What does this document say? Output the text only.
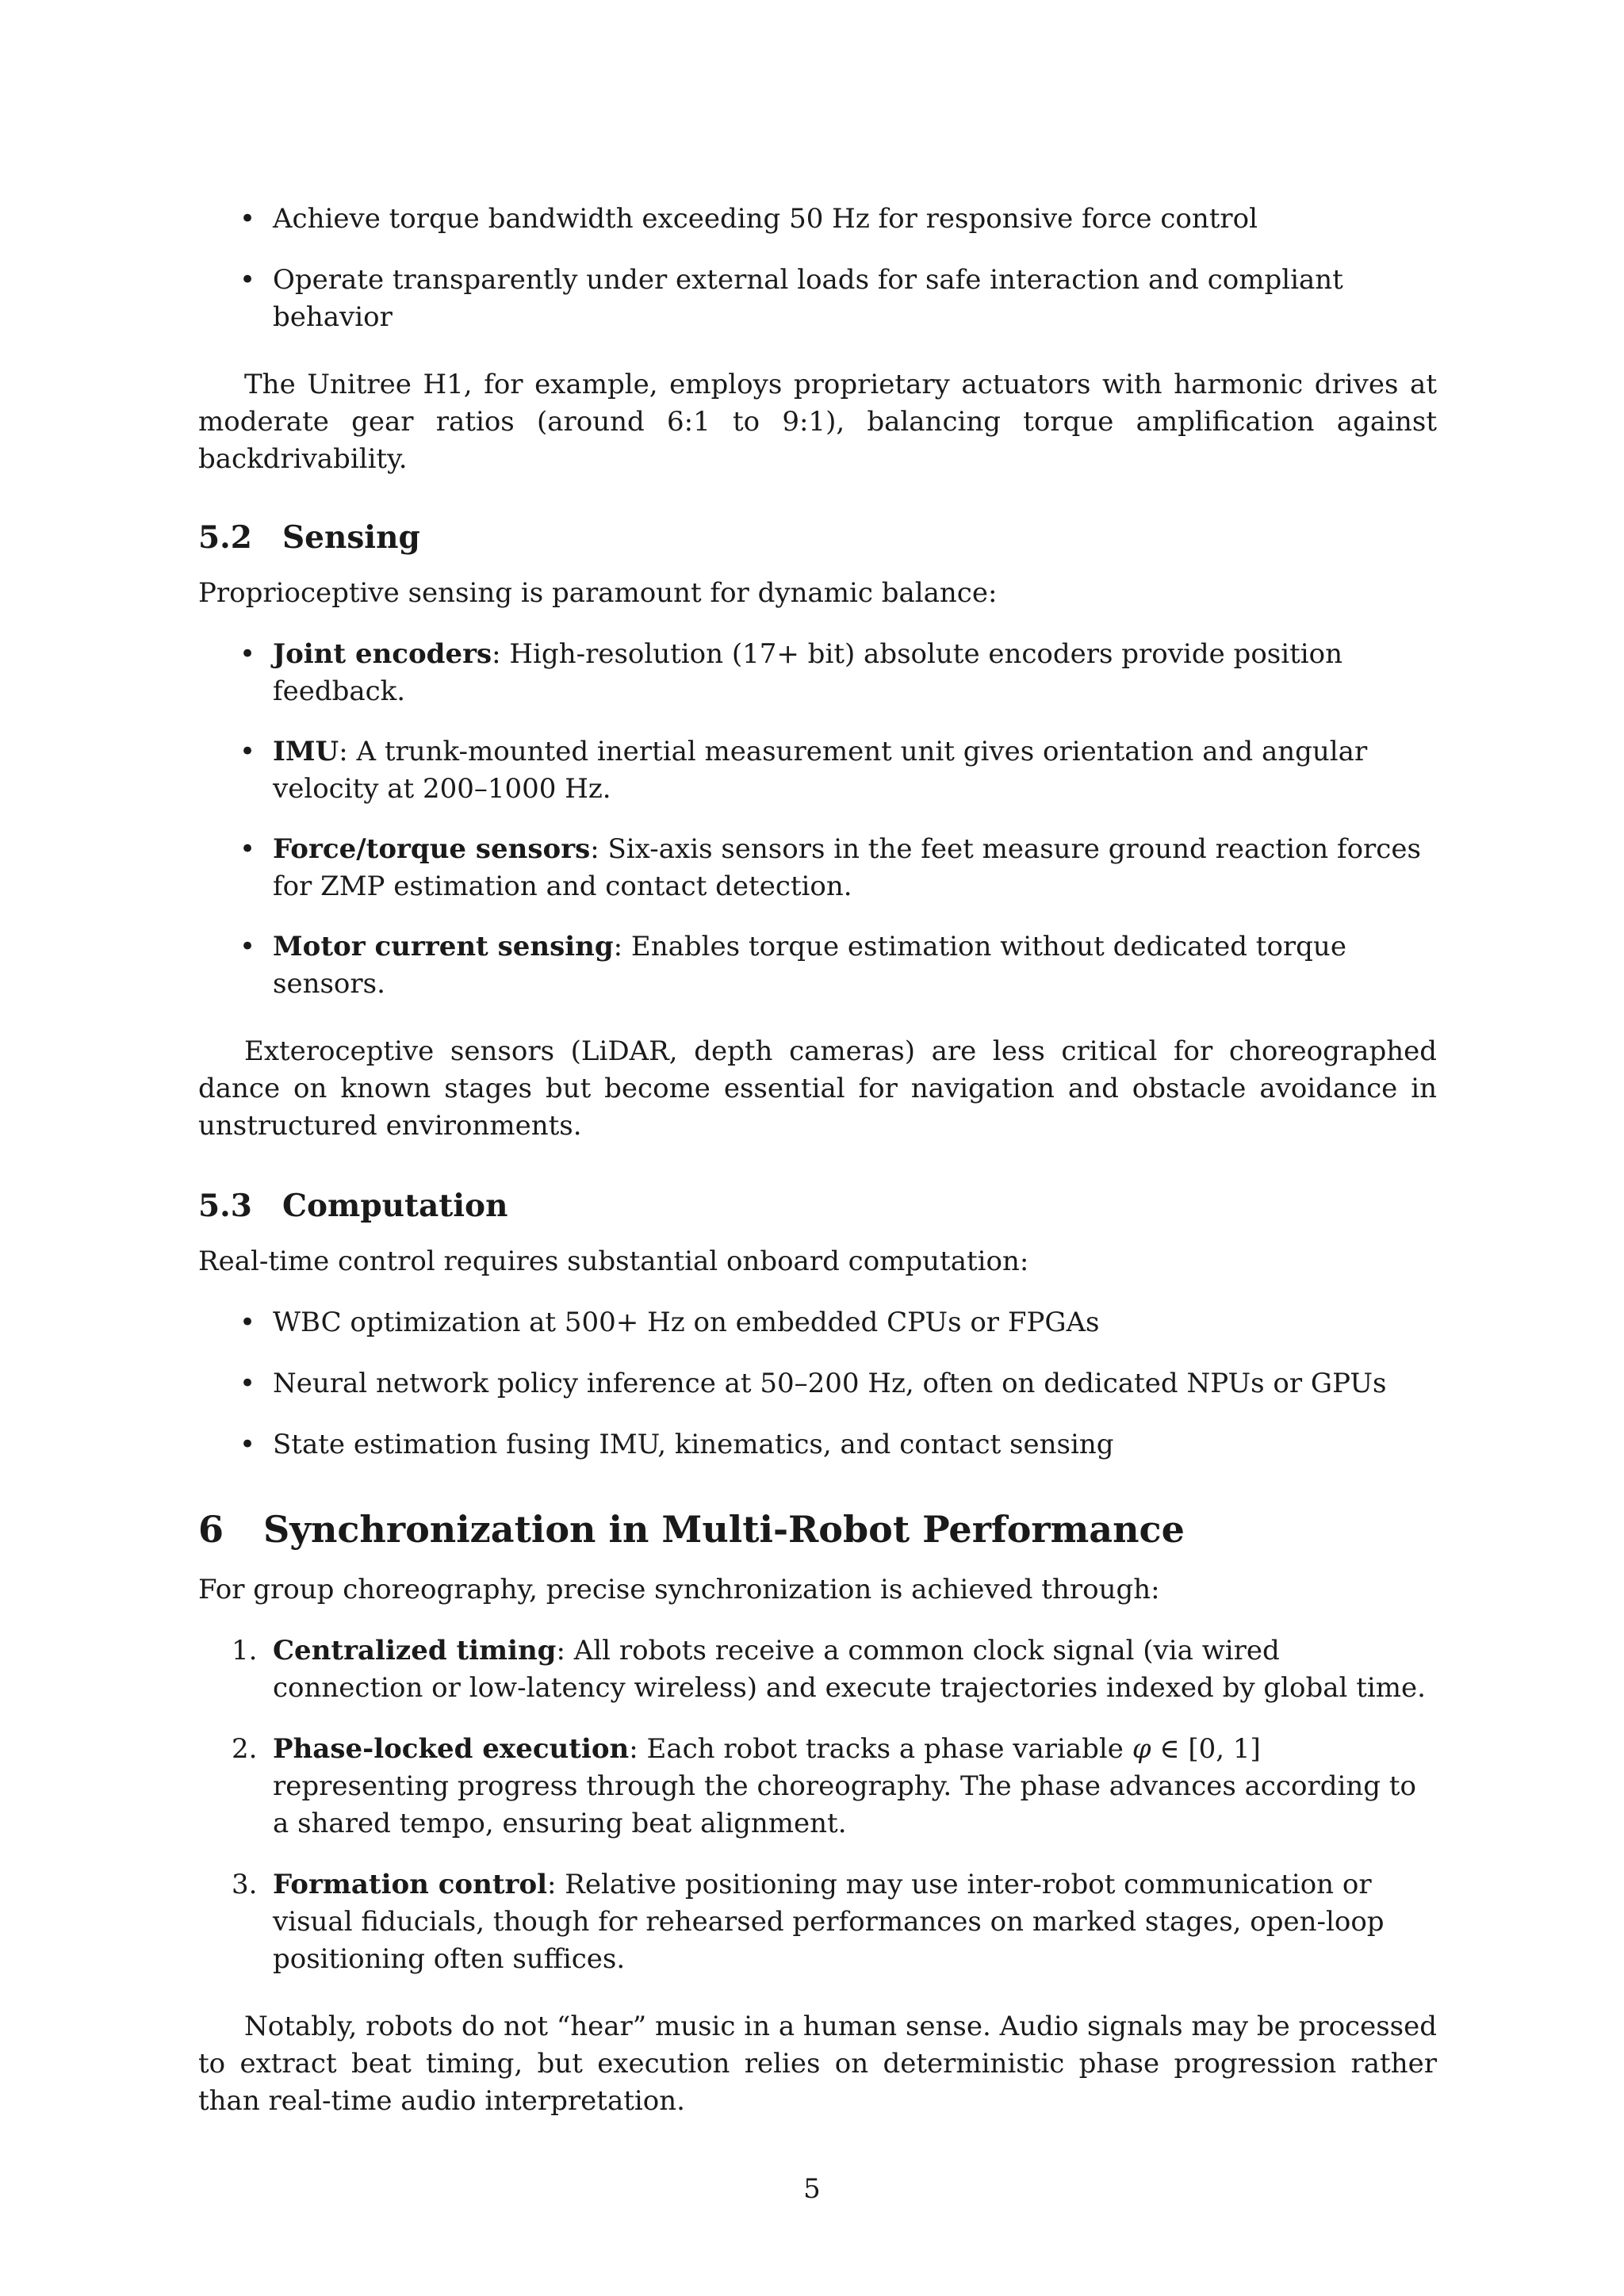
• Achieve torque bandwidth exceeding 50 Hz for responsive force control
• Operate transparently under external loads for safe interaction and compliant behavior

The Unitree H1, for example, employs proprietary actuators with harmonic drives at moderate gear ratios (around 6:1 to 9:1), balancing torque amplification against backdrivability.

5.2 Sensing

Proprioceptive sensing is paramount for dynamic balance:

• Joint encoders: High-resolution (17+ bit) absolute encoders provide position feedback.
• IMU: A trunk-mounted inertial measurement unit gives orientation and angular velocity at 200–1000 Hz.
• Force/torque sensors: Six-axis sensors in the feet measure ground reaction forces for ZMP estimation and contact detection.
• Motor current sensing: Enables torque estimation without dedicated torque sensors.

Exteroceptive sensors (LiDAR, depth cameras) are less critical for choreographed dance on known stages but become essential for navigation and obstacle avoidance in unstructured environments.

5.3 Computation

Real-time control requires substantial onboard computation:

• WBC optimization at 500+ Hz on embedded CPUs or FPGAs
• Neural network policy inference at 50–200 Hz, often on dedicated NPUs or GPUs
• State estimation fusing IMU, kinematics, and contact sensing
6 Synchronization in Multi-Robot Performance

For group choreography, precise synchronization is achieved through:

1. Centralized timing: All robots receive a common clock signal (via wired connection or low-latency wireless) and execute trajectories indexed by global time.
2. Phase-locked execution: Each robot tracks a phase variable φ ∈ [0, 1] representing progress through the choreography. The phase advances according to a shared tempo, ensuring beat alignment.
3. Formation control: Relative positioning may use inter-robot communication or visual fiducials, though for rehearsed performances on marked stages, open-loop positioning often suffices.

Notably, robots do not “hear” music in a human sense. Audio signals may be processed to extract beat timing, but execution relies on deterministic phase progression rather than real-time audio interpretation.

5
